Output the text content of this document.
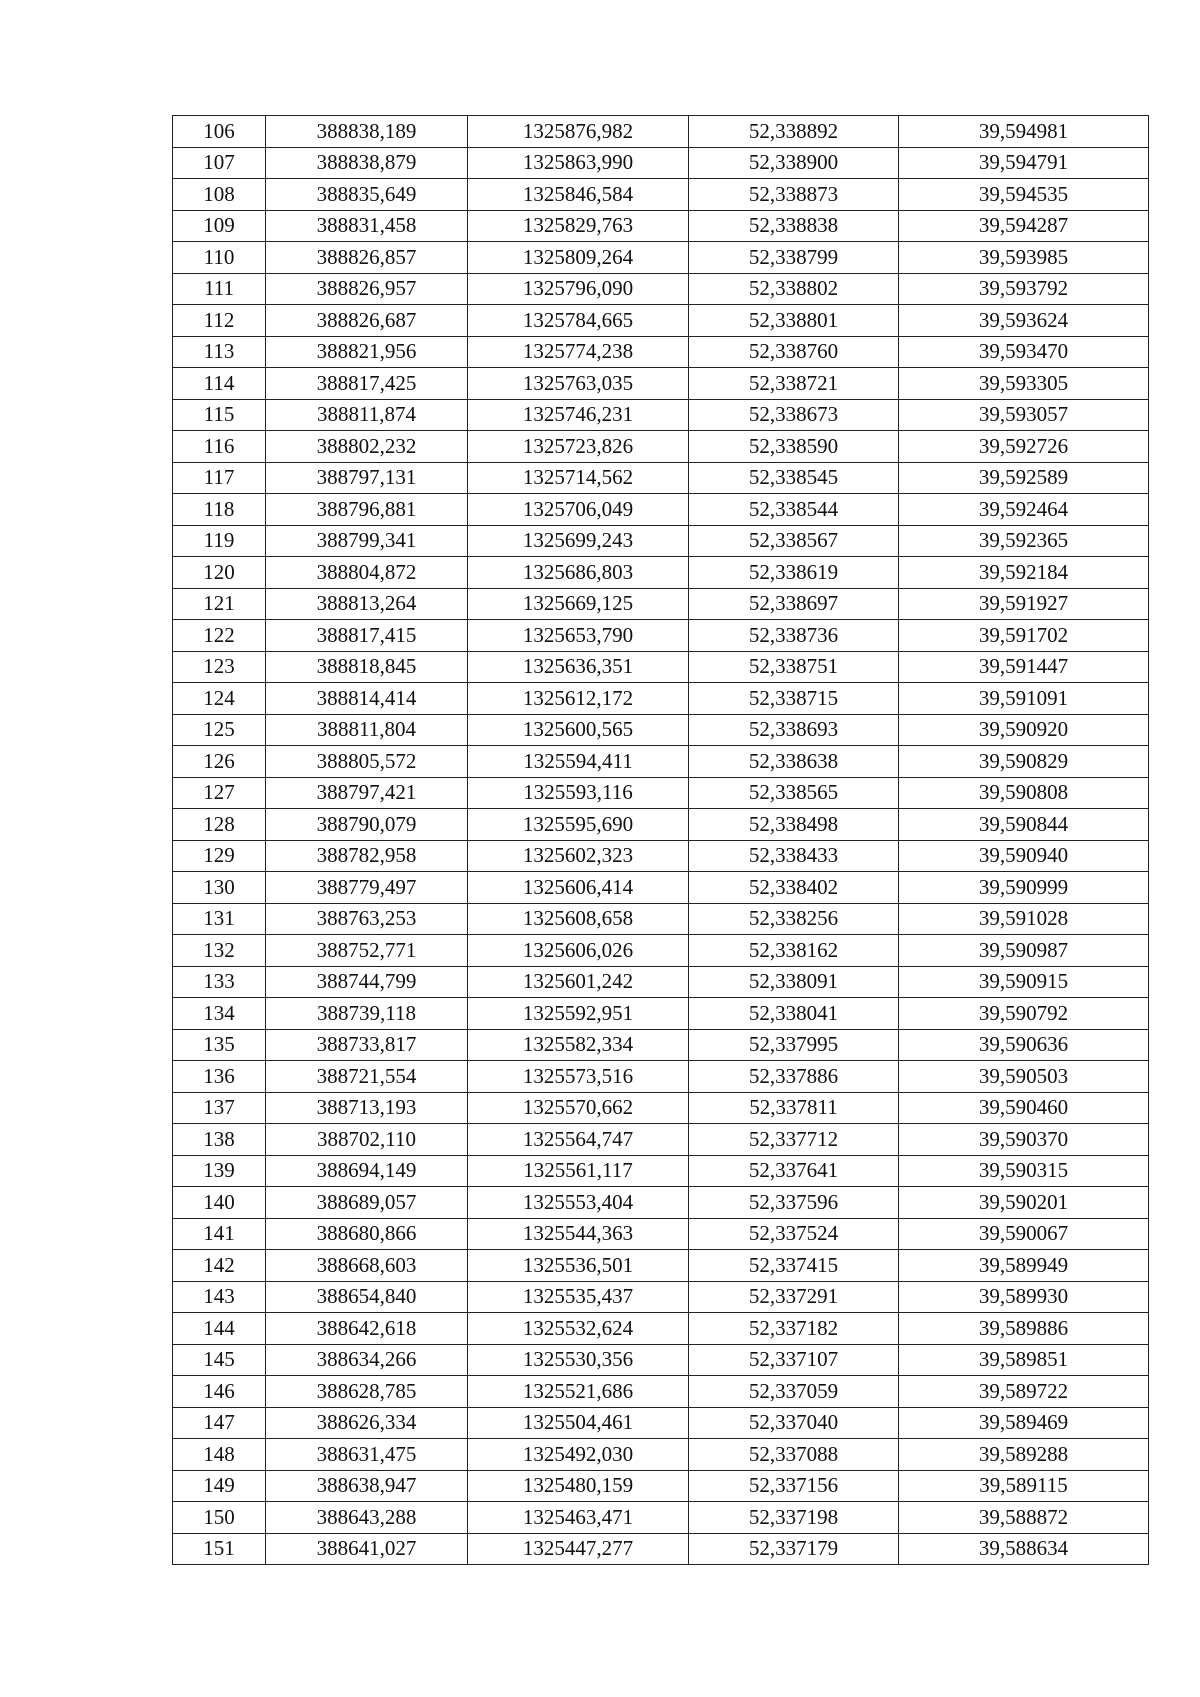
106	388838,189	1325876,982	52,338892	39,594981
107	388838,879	1325863,990	52,338900	39,594791
108	388835,649	1325846,584	52,338873	39,594535
109	388831,458	1325829,763	52,338838	39,594287
110	388826,857	1325809,264	52,338799	39,593985
111	388826,957	1325796,090	52,338802	39,593792
112	388826,687	1325784,665	52,338801	39,593624
113	388821,956	1325774,238	52,338760	39,593470
114	388817,425	1325763,035	52,338721	39,593305
115	388811,874	1325746,231	52,338673	39,593057
116	388802,232	1325723,826	52,338590	39,592726
117	388797,131	1325714,562	52,338545	39,592589
118	388796,881	1325706,049	52,338544	39,592464
119	388799,341	1325699,243	52,338567	39,592365
120	388804,872	1325686,803	52,338619	39,592184
121	388813,264	1325669,125	52,338697	39,591927
122	388817,415	1325653,790	52,338736	39,591702
123	388818,845	1325636,351	52,338751	39,591447
124	388814,414	1325612,172	52,338715	39,591091
125	388811,804	1325600,565	52,338693	39,590920
126	388805,572	1325594,411	52,338638	39,590829
127	388797,421	1325593,116	52,338565	39,590808
128	388790,079	1325595,690	52,338498	39,590844
129	388782,958	1325602,323	52,338433	39,590940
130	388779,497	1325606,414	52,338402	39,590999
131	388763,253	1325608,658	52,338256	39,591028
132	388752,771	1325606,026	52,338162	39,590987
133	388744,799	1325601,242	52,338091	39,590915
134	388739,118	1325592,951	52,338041	39,590792
135	388733,817	1325582,334	52,337995	39,590636
136	388721,554	1325573,516	52,337886	39,590503
137	388713,193	1325570,662	52,337811	39,590460
138	388702,110	1325564,747	52,337712	39,590370
139	388694,149	1325561,117	52,337641	39,590315
140	388689,057	1325553,404	52,337596	39,590201
141	388680,866	1325544,363	52,337524	39,590067
142	388668,603	1325536,501	52,337415	39,589949
143	388654,840	1325535,437	52,337291	39,589930
144	388642,618	1325532,624	52,337182	39,589886
145	388634,266	1325530,356	52,337107	39,589851
146	388628,785	1325521,686	52,337059	39,589722
147	388626,334	1325504,461	52,337040	39,589469
148	388631,475	1325492,030	52,337088	39,589288
149	388638,947	1325480,159	52,337156	39,589115
150	388643,288	1325463,471	52,337198	39,588872
151	388641,027	1325447,277	52,337179	39,588634
